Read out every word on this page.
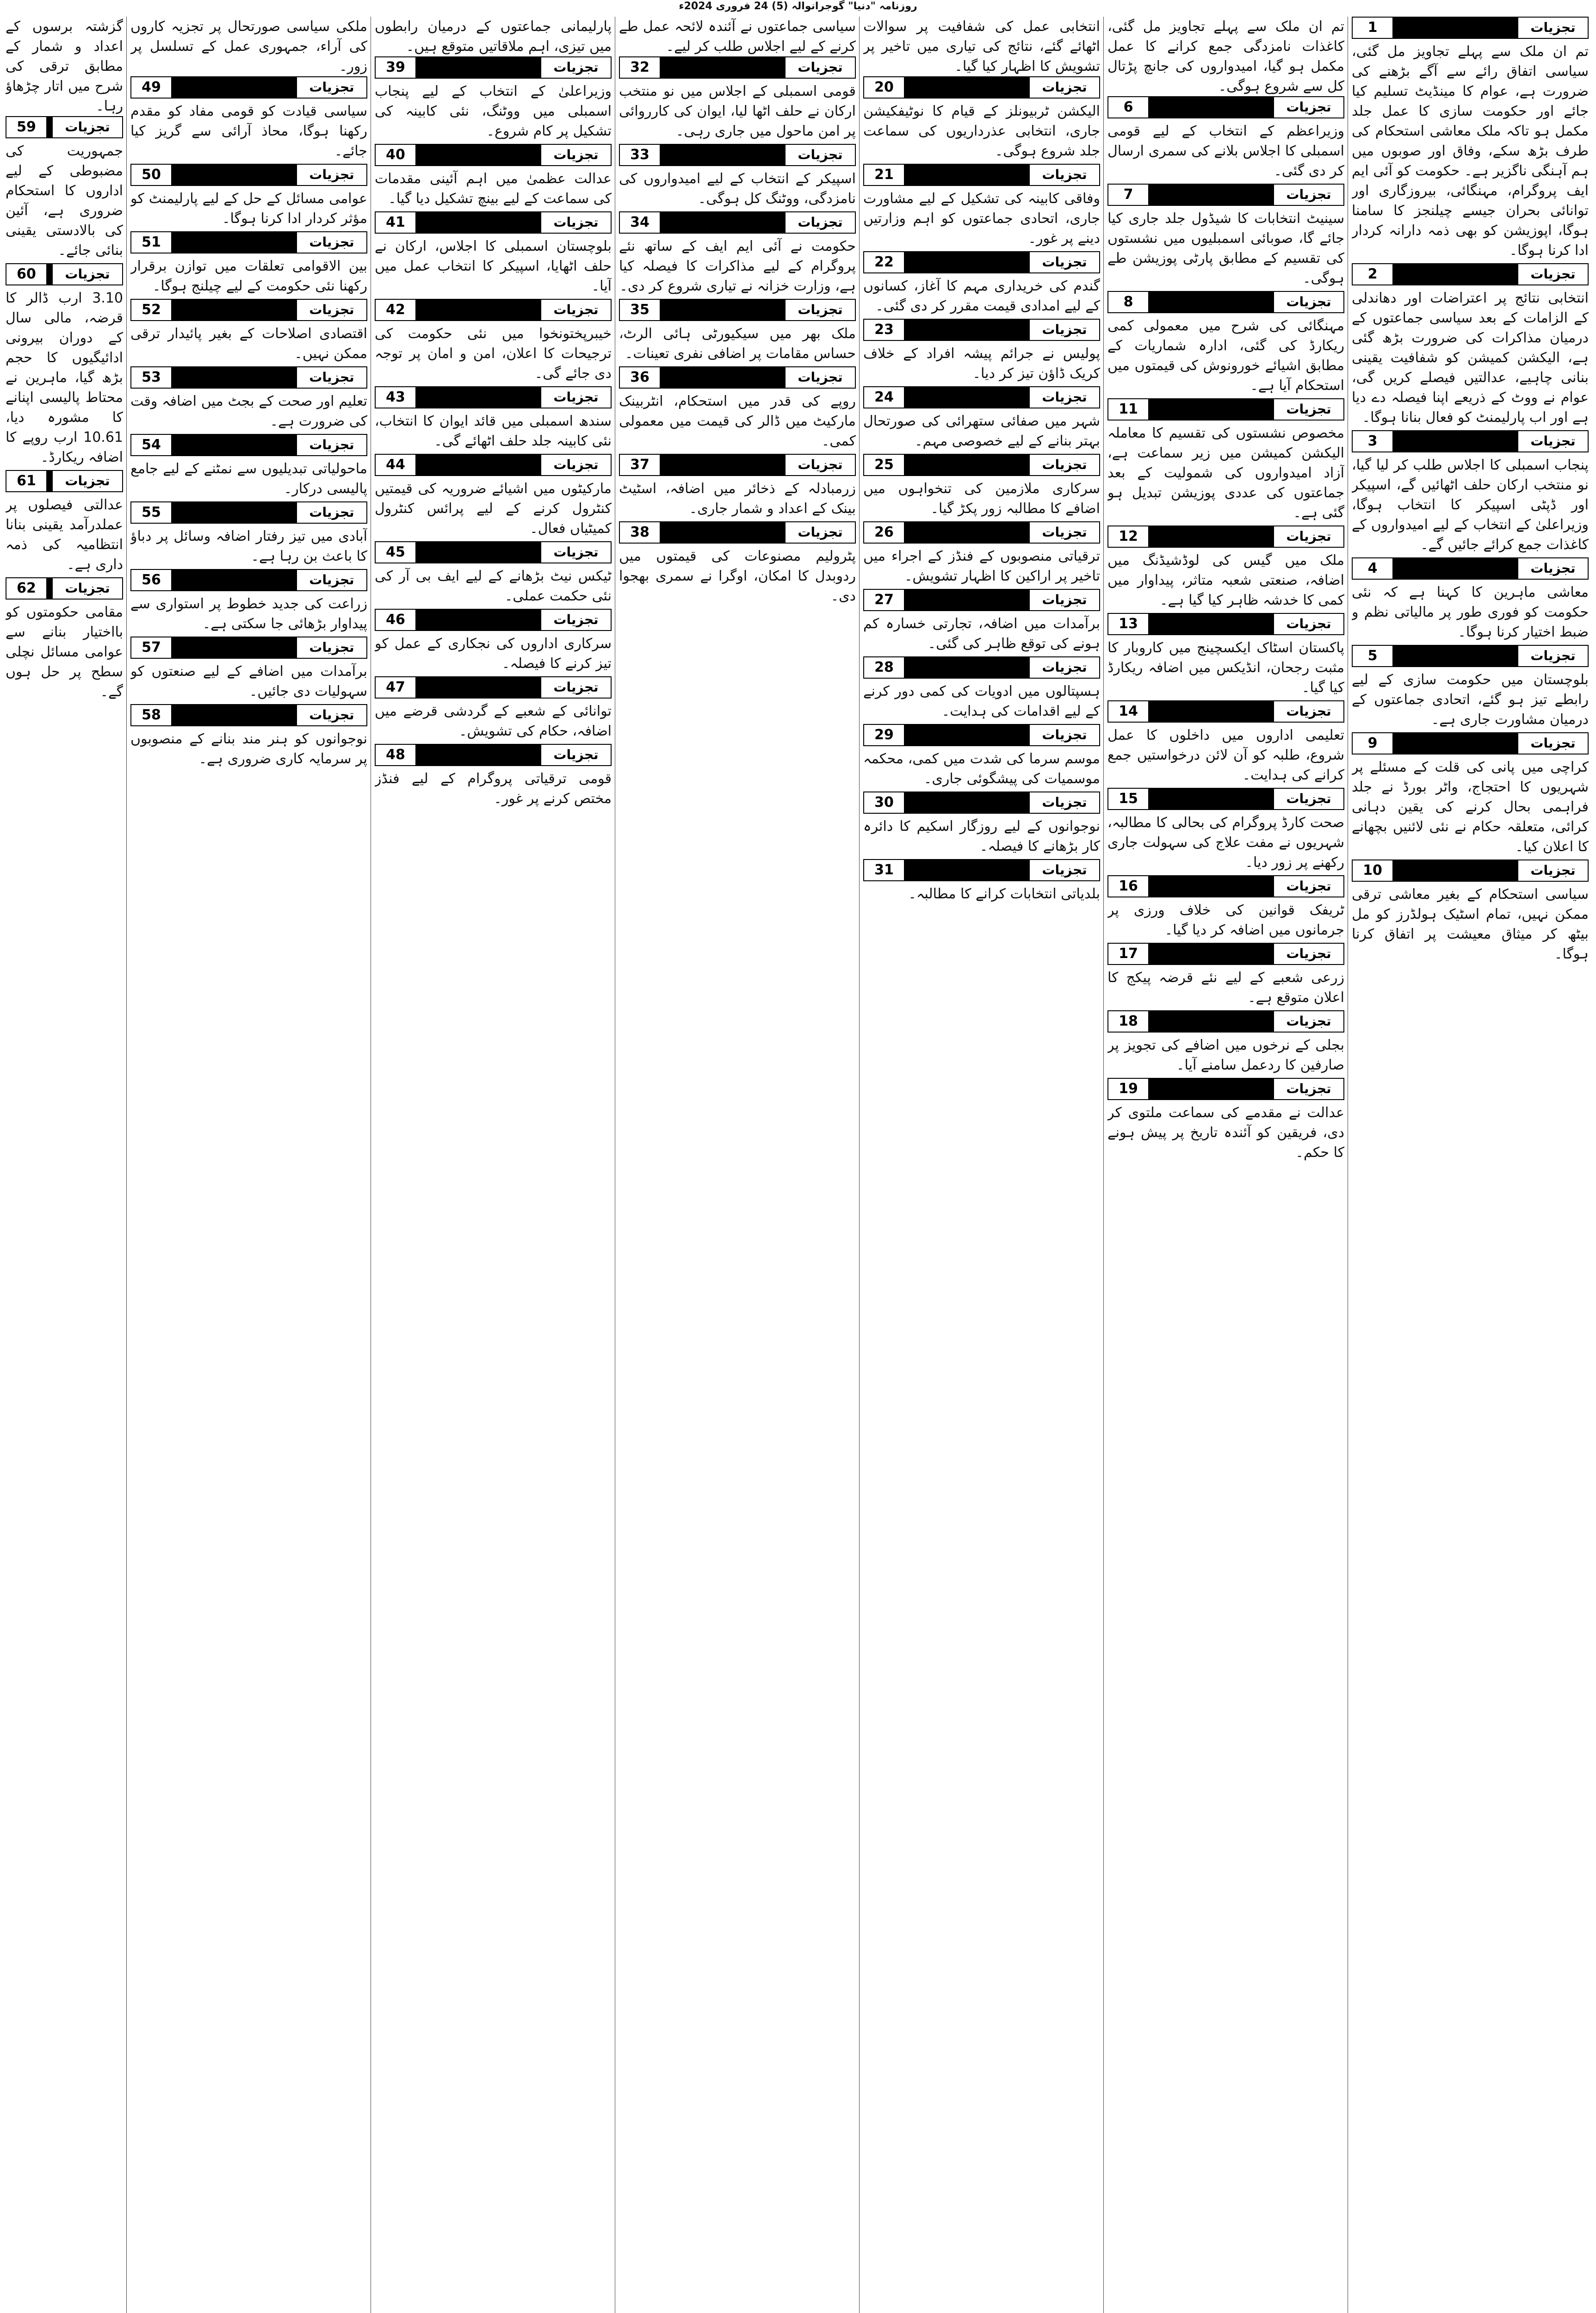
روزنامہ "دنیا" گوجرانوالہ (5) 24 فروری 2024ء
1	تجزیات
تم ان ملک سے پہلے تجاویز مل گئی، سیاسی اتفاق رائے سے آگے بڑھنے کی ضرورت ہے، عوام کا مینڈیٹ تسلیم کیا جائے اور حکومت سازی کا عمل جلد مکمل ہو تاکہ ملک معاشی استحکام کی طرف بڑھ سکے، وفاق اور صوبوں میں ہم آہنگی ناگزیر ہے۔ حکومت کو آئی ایم ایف پروگرام، مہنگائی، بیروزگاری اور توانائی بحران جیسے چیلنجز کا سامنا ہوگا، اپوزیشن کو بھی ذمہ دارانہ کردار ادا کرنا ہوگا۔
2	تجزیات
انتخابی نتائج پر اعتراضات اور دھاندلی کے الزامات کے بعد سیاسی جماعتوں کے درمیان مذاکرات کی ضرورت بڑھ گئی ہے، الیکشن کمیشن کو شفافیت یقینی بنانی چاہیے، عدالتیں فیصلے کریں گی، عوام نے ووٹ کے ذریعے اپنا فیصلہ دے دیا ہے اور اب پارلیمنٹ کو فعال بنانا ہوگا۔
3	تجزیات
پنجاب اسمبلی کا اجلاس طلب کر لیا گیا، نو منتخب ارکان حلف اٹھائیں گے، اسپیکر اور ڈپٹی اسپیکر کا انتخاب ہوگا، وزیراعلیٰ کے انتخاب کے لیے امیدواروں کے کاغذات جمع کرائے جائیں گے۔
4	تجزیات
معاشی ماہرین کا کہنا ہے کہ نئی حکومت کو فوری طور پر مالیاتی نظم و ضبط اختیار کرنا ہوگا۔
5	تجزیات
بلوچستان میں حکومت سازی کے لیے رابطے تیز ہو گئے، اتحادی جماعتوں کے درمیان مشاورت جاری ہے۔
9	تجزیات
کراچی میں پانی کی قلت کے مسئلے پر شہریوں کا احتجاج، واٹر بورڈ نے جلد فراہمی بحال کرنے کی یقین دہانی کرائی، متعلقہ حکام نے نئی لائنیں بچھانے کا اعلان کیا۔
10	تجزیات
سیاسی استحکام کے بغیر معاشی ترقی ممکن نہیں، تمام اسٹیک ہولڈرز کو مل بیٹھ کر میثاق معیشت پر اتفاق کرنا ہوگا۔
تم ان ملک سے پہلے تجاویز مل گئی، کاغذات نامزدگی جمع کرانے کا عمل مکمل ہو گیا، امیدواروں کی جانچ پڑتال کل سے شروع ہوگی۔
6	تجزیات
وزیراعظم کے انتخاب کے لیے قومی اسمبلی کا اجلاس بلانے کی سمری ارسال کر دی گئی۔
7	تجزیات
سینیٹ انتخابات کا شیڈول جلد جاری کیا جائے گا، صوبائی اسمبلیوں میں نشستوں کی تقسیم کے مطابق پارٹی پوزیشن طے ہوگی۔
8	تجزیات
مہنگائی کی شرح میں معمولی کمی ریکارڈ کی گئی، ادارہ شماریات کے مطابق اشیائے خورونوش کی قیمتوں میں استحکام آیا ہے۔
11	تجزیات
مخصوص نشستوں کی تقسیم کا معاملہ الیکشن کمیشن میں زیر سماعت ہے، آزاد امیدواروں کی شمولیت کے بعد جماعتوں کی عددی پوزیشن تبدیل ہو گئی ہے۔
12	تجزیات
ملک میں گیس کی لوڈشیڈنگ میں اضافہ، صنعتی شعبہ متاثر، پیداوار میں کمی کا خدشہ ظاہر کیا گیا ہے۔
13	تجزیات
پاکستان اسٹاک ایکسچینج میں کاروبار کا مثبت رجحان، انڈیکس میں اضافہ ریکارڈ کیا گیا۔
14	تجزیات
تعلیمی اداروں میں داخلوں کا عمل شروع، طلبہ کو آن لائن درخواستیں جمع کرانے کی ہدایت۔
15	تجزیات
صحت کارڈ پروگرام کی بحالی کا مطالبہ، شہریوں نے مفت علاج کی سہولت جاری رکھنے پر زور دیا۔
16	تجزیات
ٹریفک قوانین کی خلاف ورزی پر جرمانوں میں اضافہ کر دیا گیا۔
17	تجزیات
زرعی شعبے کے لیے نئے قرضہ پیکج کا اعلان متوقع ہے۔
18	تجزیات
بجلی کے نرخوں میں اضافے کی تجویز پر صارفین کا ردعمل سامنے آیا۔
19	تجزیات
عدالت نے مقدمے کی سماعت ملتوی کر دی، فریقین کو آئندہ تاریخ پر پیش ہونے کا حکم۔
انتخابی عمل کی شفافیت پر سوالات اٹھائے گئے، نتائج کی تیاری میں تاخیر پر تشویش کا اظہار کیا گیا۔
20	تجزیات
الیکشن ٹربیونلز کے قیام کا نوٹیفکیشن جاری، انتخابی عذرداریوں کی سماعت جلد شروع ہوگی۔
21	تجزیات
وفاقی کابینہ کی تشکیل کے لیے مشاورت جاری، اتحادی جماعتوں کو اہم وزارتیں دینے پر غور۔
22	تجزیات
گندم کی خریداری مہم کا آغاز، کسانوں کے لیے امدادی قیمت مقرر کر دی گئی۔
23	تجزیات
پولیس نے جرائم پیشہ افراد کے خلاف کریک ڈاؤن تیز کر دیا۔
24	تجزیات
شہر میں صفائی ستھرائی کی صورتحال بہتر بنانے کے لیے خصوصی مہم۔
25	تجزیات
سرکاری ملازمین کی تنخواہوں میں اضافے کا مطالبہ زور پکڑ گیا۔
26	تجزیات
ترقیاتی منصوبوں کے فنڈز کے اجراء میں تاخیر پر اراکین کا اظہار تشویش۔
27	تجزیات
برآمدات میں اضافہ، تجارتی خسارہ کم ہونے کی توقع ظاہر کی گئی۔
28	تجزیات
ہسپتالوں میں ادویات کی کمی دور کرنے کے لیے اقدامات کی ہدایت۔
29	تجزیات
موسم سرما کی شدت میں کمی، محکمہ موسمیات کی پیشگوئی جاری۔
30	تجزیات
نوجوانوں کے لیے روزگار اسکیم کا دائرہ کار بڑھانے کا فیصلہ۔
31	تجزیات
بلدیاتی انتخابات کرانے کا مطالبہ۔
سیاسی جماعتوں نے آئندہ لائحہ عمل طے کرنے کے لیے اجلاس طلب کر لیے۔
32	تجزیات
قومی اسمبلی کے اجلاس میں نو منتخب ارکان نے حلف اٹھا لیا، ایوان کی کارروائی پر امن ماحول میں جاری رہی۔
33	تجزیات
اسپیکر کے انتخاب کے لیے امیدواروں کی نامزدگی، ووٹنگ کل ہوگی۔
34	تجزیات
حکومت نے آئی ایم ایف کے ساتھ نئے پروگرام کے لیے مذاکرات کا فیصلہ کیا ہے، وزارت خزانہ نے تیاری شروع کر دی۔
35	تجزیات
ملک بھر میں سیکیورٹی ہائی الرٹ، حساس مقامات پر اضافی نفری تعینات۔
36	تجزیات
روپے کی قدر میں استحکام، انٹربینک مارکیٹ میں ڈالر کی قیمت میں معمولی کمی۔
37	تجزیات
زرمبادلہ کے ذخائر میں اضافہ، اسٹیٹ بینک کے اعداد و شمار جاری۔
38	تجزیات
پٹرولیم مصنوعات کی قیمتوں میں ردوبدل کا امکان، اوگرا نے سمری بھجوا دی۔
پارلیمانی جماعتوں کے درمیان رابطوں میں تیزی، اہم ملاقاتیں متوقع ہیں۔
39	تجزیات
وزیراعلیٰ کے انتخاب کے لیے پنجاب اسمبلی میں ووٹنگ، نئی کابینہ کی تشکیل پر کام شروع۔
40	تجزیات
عدالت عظمیٰ میں اہم آئینی مقدمات کی سماعت کے لیے بینچ تشکیل دیا گیا۔
41	تجزیات
بلوچستان اسمبلی کا اجلاس، ارکان نے حلف اٹھایا، اسپیکر کا انتخاب عمل میں آیا۔
42	تجزیات
خیبرپختونخوا میں نئی حکومت کی ترجیحات کا اعلان، امن و امان پر توجہ دی جائے گی۔
43	تجزیات
سندھ اسمبلی میں قائد ایوان کا انتخاب، نئی کابینہ جلد حلف اٹھائے گی۔
44	تجزیات
مارکیٹوں میں اشیائے ضروریہ کی قیمتیں کنٹرول کرنے کے لیے پرائس کنٹرول کمیٹیاں فعال۔
45	تجزیات
ٹیکس نیٹ بڑھانے کے لیے ایف بی آر کی نئی حکمت عملی۔
46	تجزیات
سرکاری اداروں کی نجکاری کے عمل کو تیز کرنے کا فیصلہ۔
47	تجزیات
توانائی کے شعبے کے گردشی قرضے میں اضافہ، حکام کی تشویش۔
48	تجزیات
قومی ترقیاتی پروگرام کے لیے فنڈز مختص کرنے پر غور۔
ملکی سیاسی صورتحال پر تجزیہ کاروں کی آراء، جمہوری عمل کے تسلسل پر زور۔
49	تجزیات
سیاسی قیادت کو قومی مفاد کو مقدم رکھنا ہوگا، محاذ آرائی سے گریز کیا جائے۔
50	تجزیات
عوامی مسائل کے حل کے لیے پارلیمنٹ کو مؤثر کردار ادا کرنا ہوگا۔
51	تجزیات
بین الاقوامی تعلقات میں توازن برقرار رکھنا نئی حکومت کے لیے چیلنج ہوگا۔
52	تجزیات
اقتصادی اصلاحات کے بغیر پائیدار ترقی ممکن نہیں۔
53	تجزیات
تعلیم اور صحت کے بجٹ میں اضافہ وقت کی ضرورت ہے۔
54	تجزیات
ماحولیاتی تبدیلیوں سے نمٹنے کے لیے جامع پالیسی درکار۔
55	تجزیات
آبادی میں تیز رفتار اضافہ وسائل پر دباؤ کا باعث بن رہا ہے۔
56	تجزیات
زراعت کی جدید خطوط پر استواری سے پیداوار بڑھائی جا سکتی ہے۔
57	تجزیات
برآمدات میں اضافے کے لیے صنعتوں کو سہولیات دی جائیں۔
58	تجزیات
نوجوانوں کو ہنر مند بنانے کے منصوبوں پر سرمایہ کاری ضروری ہے۔
گزشتہ برسوں کے اعداد و شمار کے مطابق ترقی کی شرح میں اتار چڑھاؤ رہا۔
59	تجزیات
جمہوریت کی مضبوطی کے لیے اداروں کا استحکام ضروری ہے، آئین کی بالادستی یقینی بنائی جائے۔
60	تجزیات
3.10 ارب ڈالر کا قرضہ، مالی سال کے دوران بیرونی ادائیگیوں کا حجم بڑھ گیا، ماہرین نے محتاط پالیسی اپنانے کا مشورہ دیا، 10.61 ارب روپے کا اضافہ ریکارڈ۔
61	تجزیات
عدالتی فیصلوں پر عملدرآمد یقینی بنانا انتظامیہ کی ذمہ داری ہے۔
62	تجزیات
مقامی حکومتوں کو بااختیار بنانے سے عوامی مسائل نچلی سطح پر حل ہوں گے۔
